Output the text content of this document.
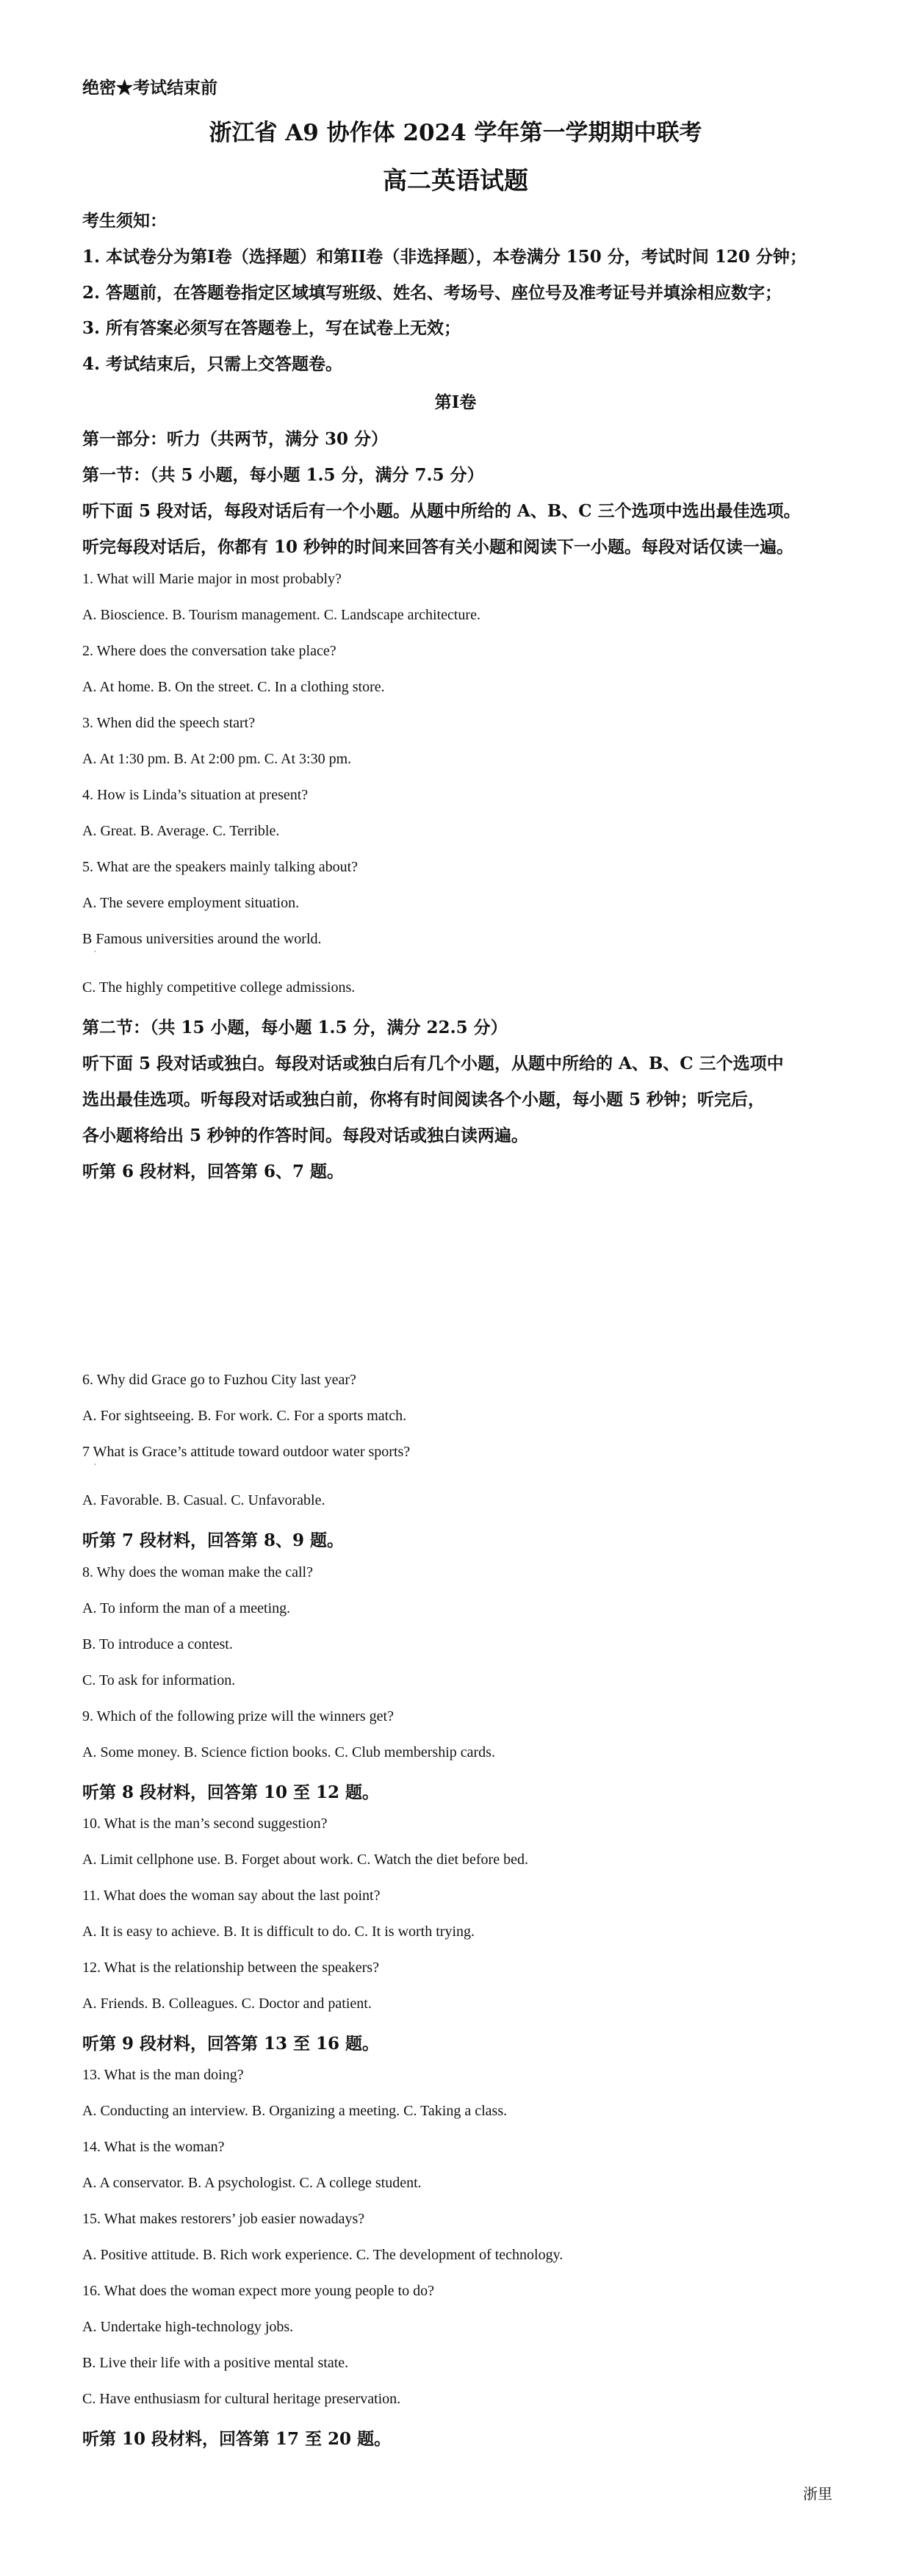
绝密★考试结束前
浙江省 A9 协作体 2024 学年第一学期期中联考
高二英语试题
考生须知：
1. 本试卷分为第I卷（选择题）和第II卷（非选择题），本卷满分 150 分，考试时间 120 分钟；
2. 答题前，在答题卷指定区域填写班级、姓名、考场号、座位号及准考证号并填涂相应数字；
3. 所有答案必须写在答题卷上，写在试卷上无效；
4. 考试结束后，只需上交答题卷。
第I卷
第一部分：听力（共两节，满分 30 分）
第一节：（共 5 小题，每小题 1.5 分，满分 7.5 分）
听下面 5 段对话，每段对话后有一个小题。从题中所给的 A、B、C 三个选项中选出最佳选项。
听完每段对话后，你都有 10 秒钟的时间来回答有关小题和阅读下一小题。每段对话仅读一遍。
1. What will Marie major in most probably?
A. Bioscience. B. Tourism management. C. Landscape architecture.
2. Where does the conversation take place?
A. At home. B. On the street. C. In a clothing store.
3. When did the speech start?
A. At 1:30 pm. B. At 2:00 pm. C. At 3:30 pm.
4. How is Linda’s situation at present?
A. Great. B. Average. C. Terrible.
5. What are the speakers mainly talking about?
A. The severe employment situation.
B Famous universities around the world.
·
C. The highly competitive college admissions.
第二节：（共 15 小题，每小题 1.5 分，满分 22.5 分）
听下面 5 段对话或独白。每段对话或独白后有几个小题，从题中所给的 A、B、C 三个选项中
选出最佳选项。听每段对话或独白前，你将有时间阅读各个小题，每小题 5 秒钟；听完后，
各小题将给出 5 秒钟的作答时间。每段对话或独白读两遍。
听第 6 段材料，回答第 6、7 题。
6. Why did Grace go to Fuzhou City last year?
A. For sightseeing. B. For work. C. For a sports match.
7 What is Grace’s attitude toward outdoor water sports?
·
A. Favorable. B. Casual. C. Unfavorable.
听第 7 段材料，回答第 8、9 题。
8. Why does the woman make the call?
A. To inform the man of a meeting.
B. To introduce a contest.
C. To ask for information.
9. Which of the following prize will the winners get?
A. Some money. B. Science fiction books. C. Club membership cards.
听第 8 段材料，回答第 10 至 12 题。
10. What is the man’s second suggestion?
A. Limit cellphone use. B. Forget about work. C. Watch the diet before bed.
11. What does the woman say about the last point?
A. It is easy to achieve. B. It is difficult to do. C. It is worth trying.
12. What is the relationship between the speakers?
A. Friends. B. Colleagues. C. Doctor and patient.
听第 9 段材料，回答第 13 至 16 题。
13. What is the man doing?
A. Conducting an interview. B. Organizing a meeting. C. Taking a class.
14. What is the woman?
A. A conservator. B. A psychologist. C. A college student.
15. What makes restorers’ job easier nowadays?
A. Positive attitude. B. Rich work experience. C. The development of technology.
16. What does the woman expect more young people to do?
A. Undertake high-technology jobs.
B. Live their life with a positive mental state.
C. Have enthusiasm for cultural heritage preservation.
听第 10 段材料，回答第 17 至 20 题。
浙里
